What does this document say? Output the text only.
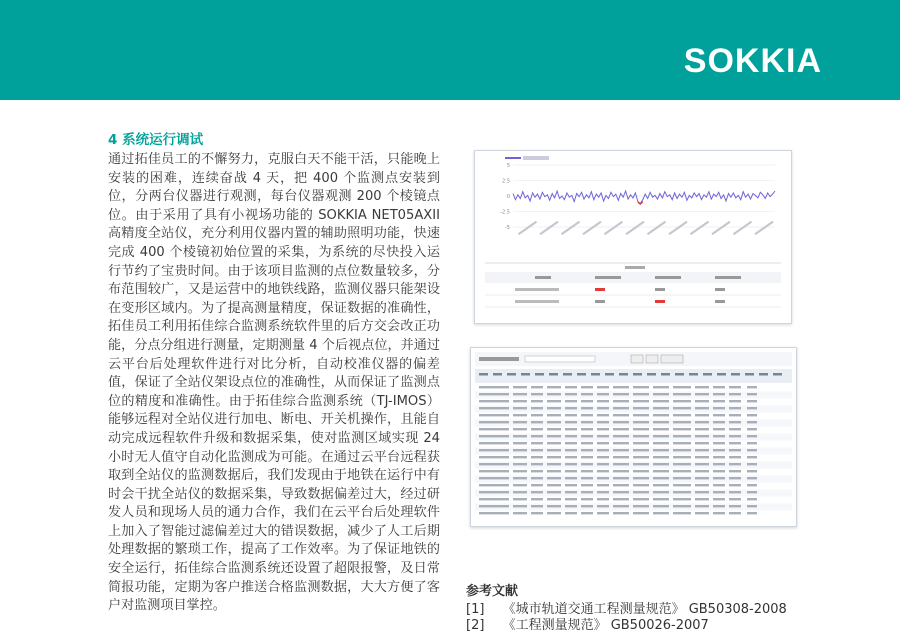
SOKKIA
4 系统运行调试
通过拓佳员工的不懈努力，克服白天不能干活，只能晚上安装的困难，连续奋战 4 天，把 400 个监测点安装到位，分两台仪器进行观测，每台仪器观测 200 个棱镜点位。由于采用了具有小视场功能的 SOKKIA NET05AXII 高精度全站仪，充分利用仪器内置的辅助照明功能，快速完成 400 个棱镜初始位置的采集，为系统的尽快投入运行节约了宝贵时间。由于该项目监测的点位数量较多，分布范围较广，又是运营中的地铁线路，监测仪器只能架设在变形区域内。为了提高测量精度，保证数据的准确性，拓佳员工利用拓佳综合监测系统软件里的后方交会改正功能，分点分组进行测量，定期测量 4 个后视点位，并通过云平台后处理软件进行对比分析，自动校准仪器的偏差值，保证了全站仪架设点位的准确性，从而保证了监测点位的精度和准确性。由于拓佳综合监测系统（TJ-IMOS）能够远程对全站仪进行加电、断电、开关机操作，且能自动完成远程软件升级和数据采集，使对监测区域实现 24 小时无人值守自动化监测成为可能。在通过云平台远程获取到全站仪的监测数据后，我们发现由于地铁在运行中有时会干扰全站仪的数据采集，导致数据偏差过大，经过研发人员和现场人员的通力合作，我们在云平台后处理软件上加入了智能过滤偏差过大的错误数据，减少了人工后期处理数据的繁琐工作，提高了工作效率。为了保证地铁的安全运行，拓佳综合监测系统还设置了超限报警，及日常简报功能，定期为客户推送合格监测数据，大大方便了客户对监测项目掌控。
5
2.5
0
-2.5
-5
参考文献
[1] 《城市轨道交通工程测量规范》 GB50308-2008
[2] 《工程测量规范》 GB50026-2007
